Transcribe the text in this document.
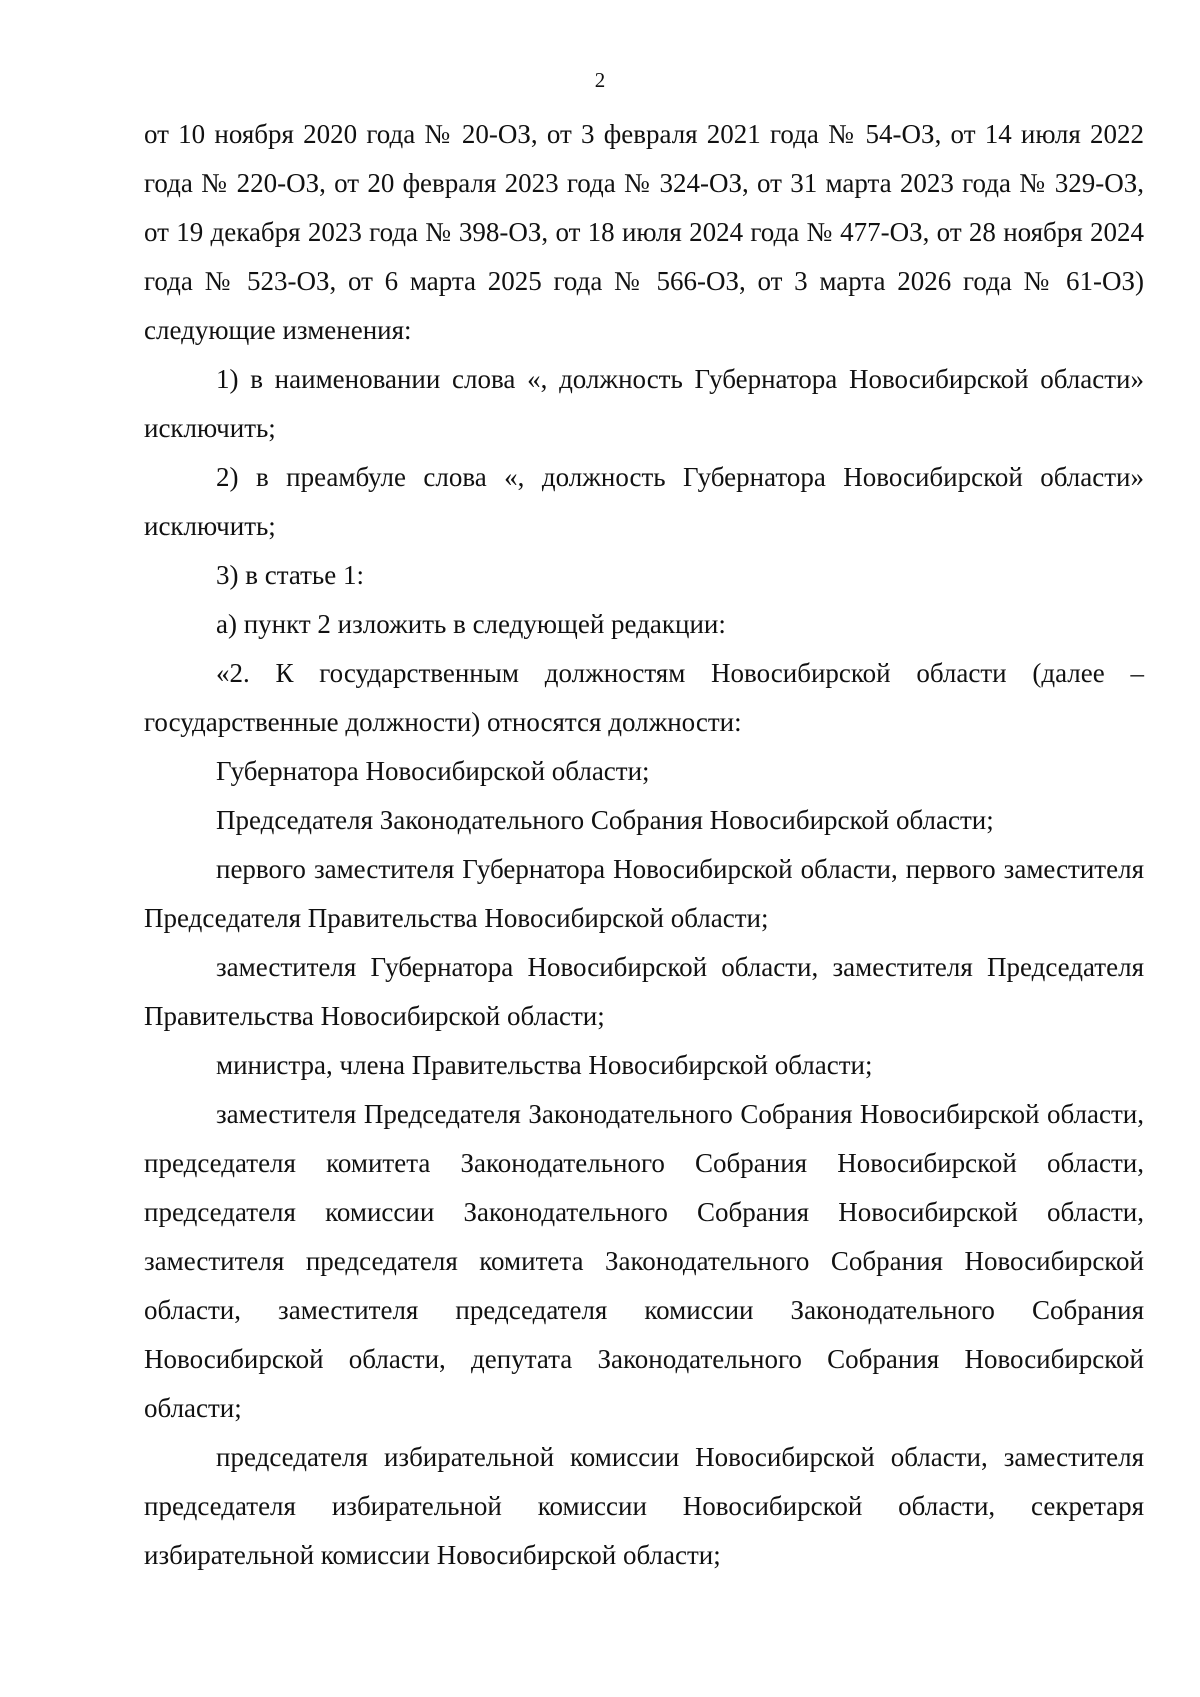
2

от 10 ноября 2020 года № 20-ОЗ, от 3 февраля 2021 года № 54-ОЗ, от 14 июля 2022 года № 220-ОЗ, от 20 февраля 2023 года № 324-ОЗ, от 31 марта 2023 года № 329-ОЗ, от 19 декабря 2023 года № 398-ОЗ, от 18 июля 2024 года № 477-ОЗ, от 28 ноября 2024 года № 523-ОЗ, от 6 марта 2025 года № 566-ОЗ, от 3 марта 2026 года № 61-ОЗ) следующие изменения:

1) в наименовании слова «, должность Губернатора Новосибирской области» исключить;

2) в преамбуле слова «, должность Губернатора Новосибирской области» исключить;

3) в статье 1:

а) пункт 2 изложить в следующей редакции:

«2. К государственным должностям Новосибирской области (далее – государственные должности) относятся должности:

Губернатора Новосибирской области;

Председателя Законодательного Собрания Новосибирской области;

первого заместителя Губернатора Новосибирской области, первого заместителя Председателя Правительства Новосибирской области;

заместителя Губернатора Новосибирской области, заместителя Председателя Правительства Новосибирской области;

министра, члена Правительства Новосибирской области;

заместителя Председателя Законодательного Собрания Новосибирской области, председателя комитета Законодательного Собрания Новосибирской области, председателя комиссии Законодательного Собрания Новосибирской области, заместителя председателя комитета Законодательного Собрания Новосибирской области, заместителя председателя комиссии Законодательного Собрания Новосибирской области, депутата Законодательного Собрания Новосибирской области;

председателя избирательной комиссии Новосибирской области, заместителя председателя избирательной комиссии Новосибирской области, секретаря избирательной комиссии Новосибирской области;
